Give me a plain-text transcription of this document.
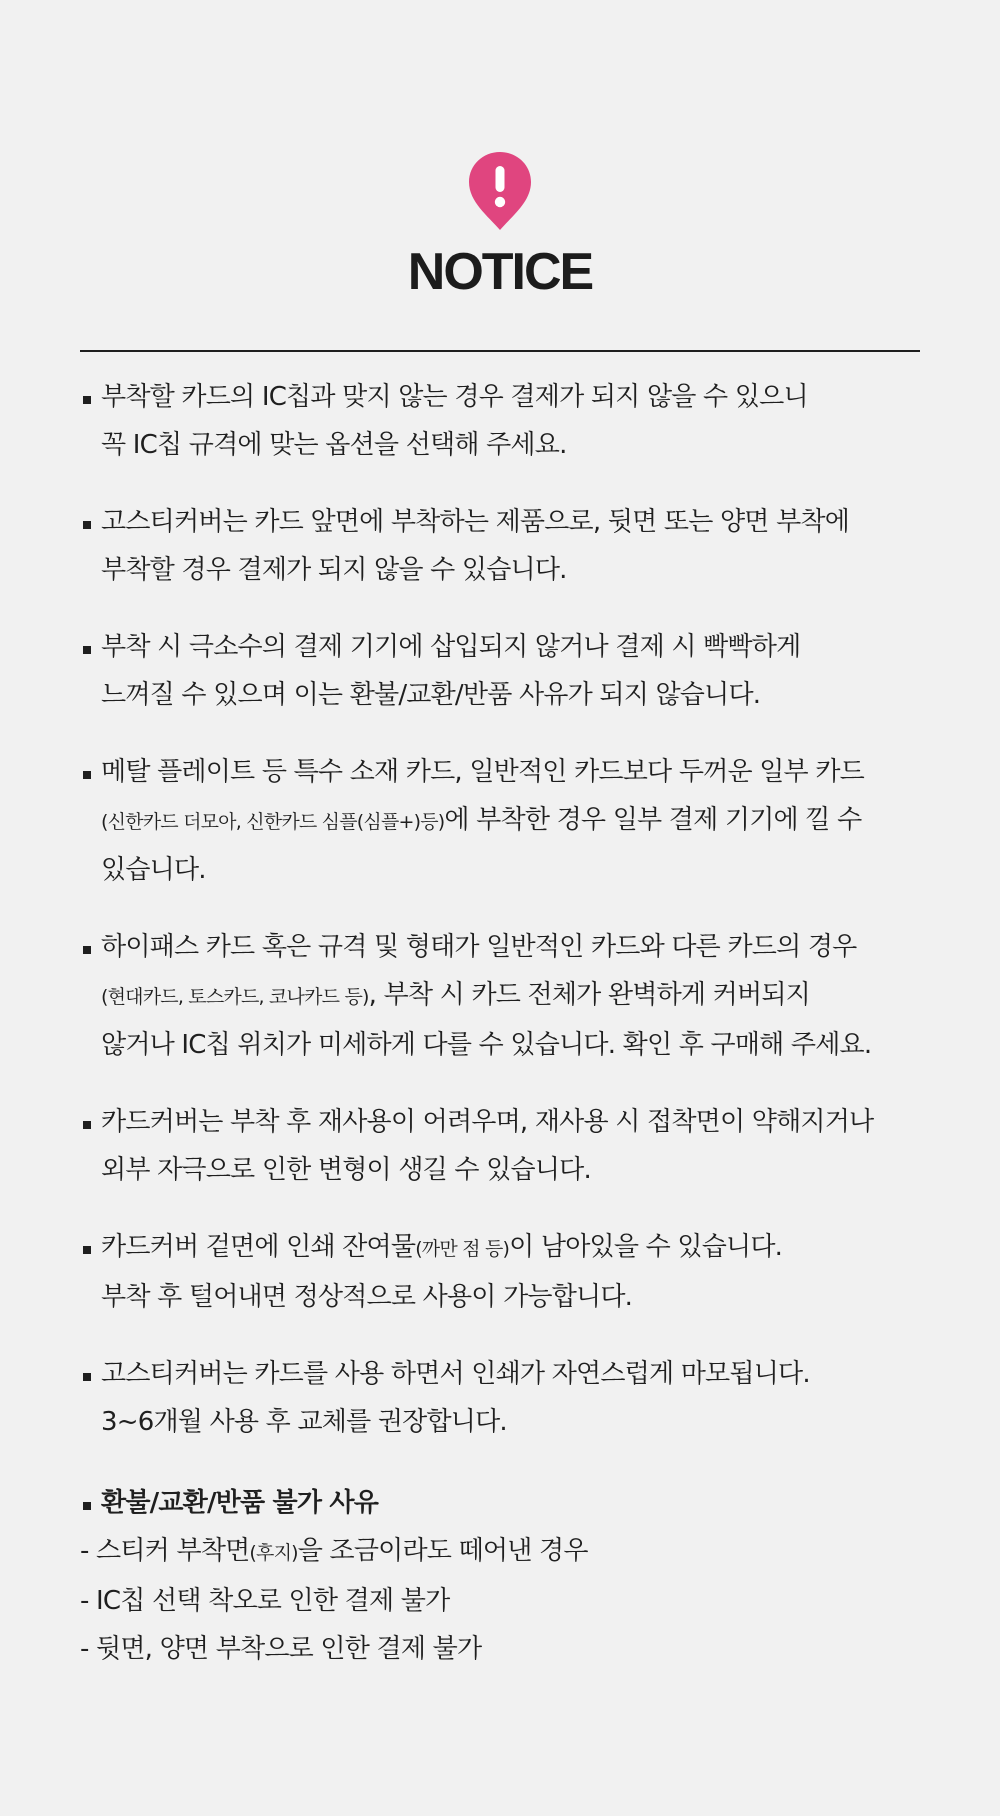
NOTICE
부착할 카드의 IC칩과 맞지 않는 경우 결제가 되지 않을 수 있으니
꼭 IC칩 규격에 맞는 옵션을 선택해 주세요.
고스티커버는 카드 앞면에 부착하는 제품으로, 뒷면 또는 양면 부착에
부착할 경우 결제가 되지 않을 수 있습니다.
부착 시 극소수의 결제 기기에 삽입되지 않거나 결제 시 빡빡하게
느껴질 수 있으며 이는 환불/교환/반품 사유가 되지 않습니다.
메탈 플레이트 등 특수 소재 카드, 일반적인 카드보다 두꺼운 일부 카드
(신한카드 더모아, 신한카드 심플(심플+)등)에 부착한 경우 일부 결제 기기에 낄 수
있습니다.
하이패스 카드 혹은 규격 및 형태가 일반적인 카드와 다른 카드의 경우
(현대카드, 토스카드, 코나카드 등), 부착 시 카드 전체가 완벽하게 커버되지
않거나 IC칩 위치가 미세하게 다를 수 있습니다. 확인 후 구매해 주세요.
카드커버는 부착 후 재사용이 어려우며, 재사용 시 접착면이 약해지거나
외부 자극으로 인한 변형이 생길 수 있습니다.
카드커버 겉면에 인쇄 잔여물(까만 점 등)이 남아있을 수 있습니다.
부착 후 털어내면 정상적으로 사용이 가능합니다.
고스티커버는 카드를 사용 하면서 인쇄가 자연스럽게 마모됩니다.
3~6개월 사용 후 교체를 권장합니다.
환불/교환/반품 불가 사유
- 스티커 부착면(후지)을 조금이라도 떼어낸 경우
- IC칩 선택 착오로 인한 결제 불가
- 뒷면, 양면 부착으로 인한 결제 불가
